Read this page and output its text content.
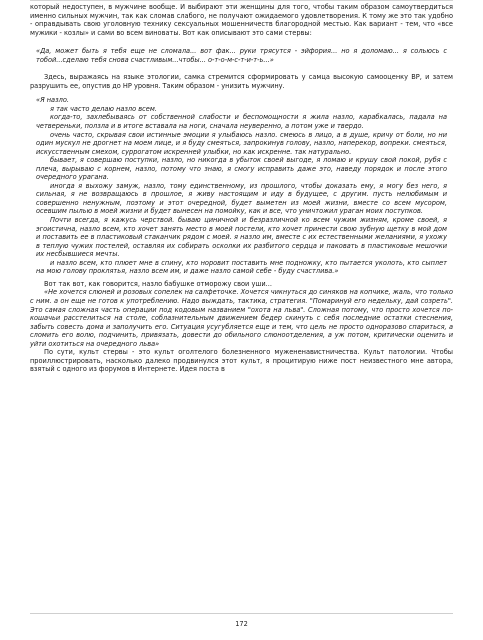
который недоступен, в мужчине вообще. И выбирают эти женщины для того, чтобы таким образом самоутвердиться именно сильных мужчин, так как сломав слабого, не получают ожидаемого удовлетворения. К тому же это так удобно - оправдывать свою уголовную технику сексуальных мошенничеств благородной местью. Как вариант - тем, что «все мужики - козлы» и сами во всем виноваты. Вот как описывают это сами стервы:

«Да, может быть я тебя еще не сломала... вот фак... руки трясутся - эйфория... но я доломаю... я сольюсь с тобой...сделаю тебя снова счастливым...чтобы... о-т-о-м-с-т-и-т-ь...»

Здесь, выражаясь на языке этологии, самка стремится сформировать у самца высокую самооценку ВР, и затем разрушить ее, опустив до НР уровня. Таким образом - унизить мужчину.

«Я назло.

я так часто делаю назло всем.

когда-то, захлебываясь от собственной слабости и беспомощности я жила назло, карабкалась, падала на четвереньки, ползла и в итоге вставала на ноги, сначала неуверенно, а потом уже и твердо.

очень часто, скрывая свои истинные эмоции я улыбаюсь назло. смеюсь в лицо, а в душе, кричу от боли, но ни один мускул не дрогнет на моем лице, и я буду смеяться, запрокинув голову, назло, наперекор, вопреки. смеяться, искусственным смехом, суррогатом искренней улыбки, но как искренне. так натурально.

бывает, я совершаю поступки, назло, но никогда в убыток своей выгоде, я ломаю и крушу свой покой, рубя с плеча, вырываю с корнем, назло, потому что знаю, я смогу исправить даже это, наведу порядок и после этого очередного урагана.

иногда я выхожу замуж, назло, тому единственному, из прошлого, чтобы доказать ему, я могу без него, я сильная, я не возвращаюсь в прошлое, я живу настоящим и иду в будущее, с другим. пусть нелюбимым и совершенно ненужным, поэтому и этот очередной, будет выметен из моей жизни, вместе со всем мусором, осевшим пылью в моей жизни и будет вынесен на помойку, как и все, что уничтожил ураган моих поступков.

Почти всегда, я кажусь черствой. бываю циничной и безразличной ко всем чужим жизням, кроме своей, я эгоистична, назло всем, кто хочет занять место в моей постели, кто хочет принести свою зубную щетку в мой дом и поставить ее в пластиковый стаканчик рядом с моей. я назло им, вместе с их естественными желаниями, я ухожу в теплую чужих постелей, оставляя их собирать осколки их разбитого сердца и паковать в пластиковые мешочки их несбывшиеся мечты.

и назло всем, кто плюет мне в спину, кто норовит поставить мне подножку, кто пытается уколоть, кто сыплет на мою голову проклятья, назло всем им, и даже назло самой себе - буду счастлива.»

Вот так вот, как говорится, назло бабушке отморожу свои уши...

«Не хочется слюней и розовых сопелек на салфеточке. Хочется чикнуться до синяков на копчике, жаль, что только с ним. а он еще не готов к употреблению. Надо выждать, тактика, стратегия. "Помаринуй его недельку, дай созреть". Это самая сложная часть операции под кодовым названием "охота на льва". Сложная потому, что просто хочется по-кошачьи расстелиться на столе, соблазнительным движением бедер скинуть с себя последние остатки стеснения, забыть совесть дома и заполучить его. Ситуация усугубляется еще и тем, что цель не просто одноразово спариться, а сломить его волю, подчинить, привязать, довести до обильного слюноотделения, а уж потом, критически оценить и уйти охотиться на очередного льва»

По сути, культ стервы - это культ оголтелого болезненного мужененавистничества. Культ патологии. Чтобы проиллюстрировать, насколько далеко продвинулся этот культ, я процитирую ниже пост неизвестного мне автора, взятый с одного из форумов в Интернете. Идея поста в

172
